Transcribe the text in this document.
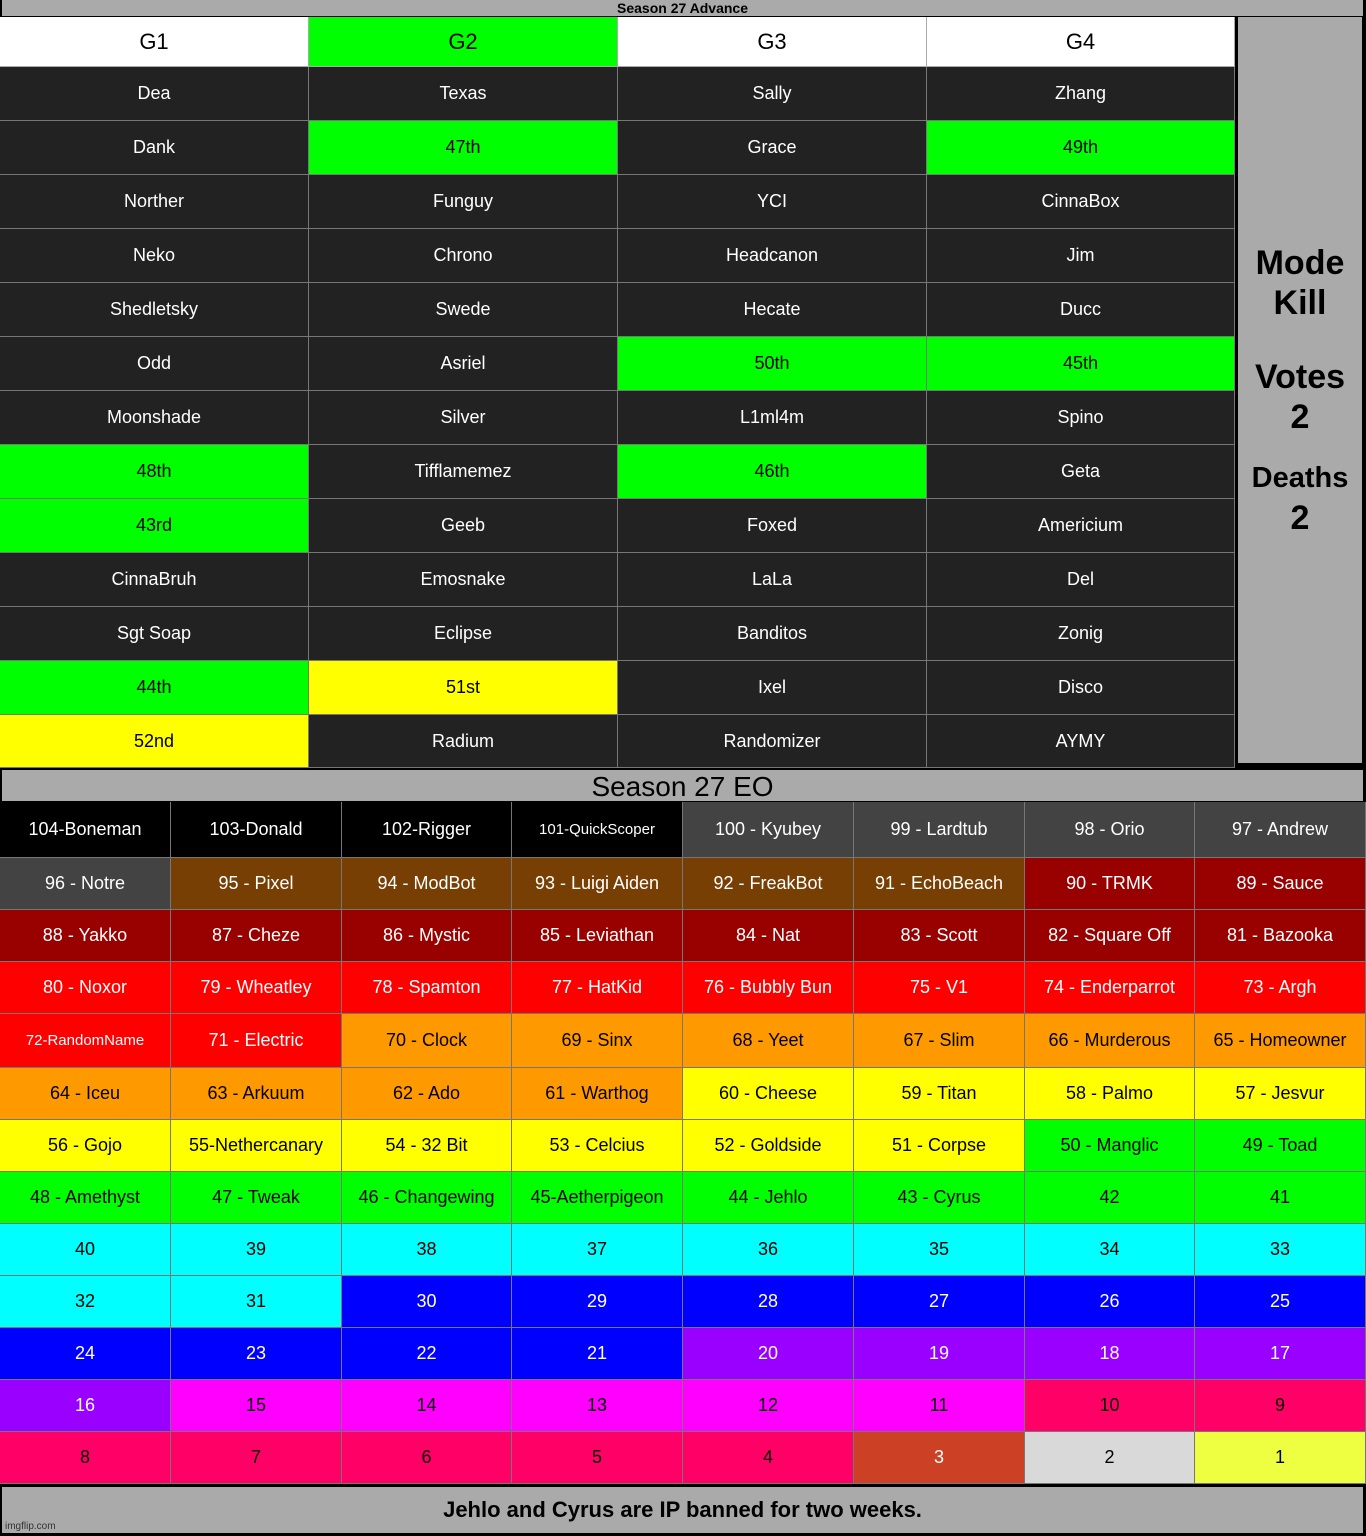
Season 27 Advance
G1	G2	G3	G4
Dea	Texas	Sally	Zhang
Dank	47th	Grace	49th
Norther	Funguy	YCI	CinnaBox
Neko	Chrono	Headcanon	Jim
Shedletsky	Swede	Hecate	Ducc
Odd	Asriel	50th	45th
Moonshade	Silver	L1ml4m	Spino
48th	Tifflamemez	46th	Geta
43rd	Geeb	Foxed	Americium
CinnaBruh	Emosnake	LaLa	Del
Sgt Soap	Eclipse	Banditos	Zonig
44th	51st	Ixel	Disco
52nd	Radium	Randomizer	AYMY
Mode
Kill
Votes
2
Deaths
2
Season 27 EO
104-Boneman	103-Donald	102-Rigger	101-QuickScoper	100 - Kyubey	99 - Lardtub	98 - Orio	97 - Andrew
96 - Notre	95 - Pixel	94 - ModBot	93 - Luigi Aiden	92 - FreakBot	91 - EchoBeach	90 - TRMK	89 - Sauce
88 - Yakko	87 - Cheze	86 - Mystic	85 - Leviathan	84 - Nat	83 - Scott	82 - Square Off	81 - Bazooka
80 - Noxor	79 - Wheatley	78 - Spamton	77 - HatKid	76 - Bubbly Bun	75 - V1	74 - Enderparrot	73 - Argh
72-RandomName	71 - Electric	70 - Clock	69 - Sinx	68 - Yeet	67 - Slim	66 - Murderous	65 - Homeowner
64 - Iceu	63 - Arkuum	62 - Ado	61 - Warthog	60 - Cheese	59 - Titan	58 - Palmo	57 - Jesvur
56 - Gojo	55-Nethercanary	54 - 32 Bit	53 - Celcius	52 - Goldside	51 - Corpse	50 - Manglic	49 - Toad
48 - Amethyst	47 - Tweak	46 - Changewing	45-Aetherpigeon	44 - Jehlo	43 - Cyrus	42	41
40	39	38	37	36	35	34	33
32	31	30	29	28	27	26	25
24	23	22	21	20	19	18	17
16	15	14	13	12	11	10	9
8	7	6	5	4	3	2	1
Jehlo and Cyrus are IP banned for two weeks.
imgflip.com
